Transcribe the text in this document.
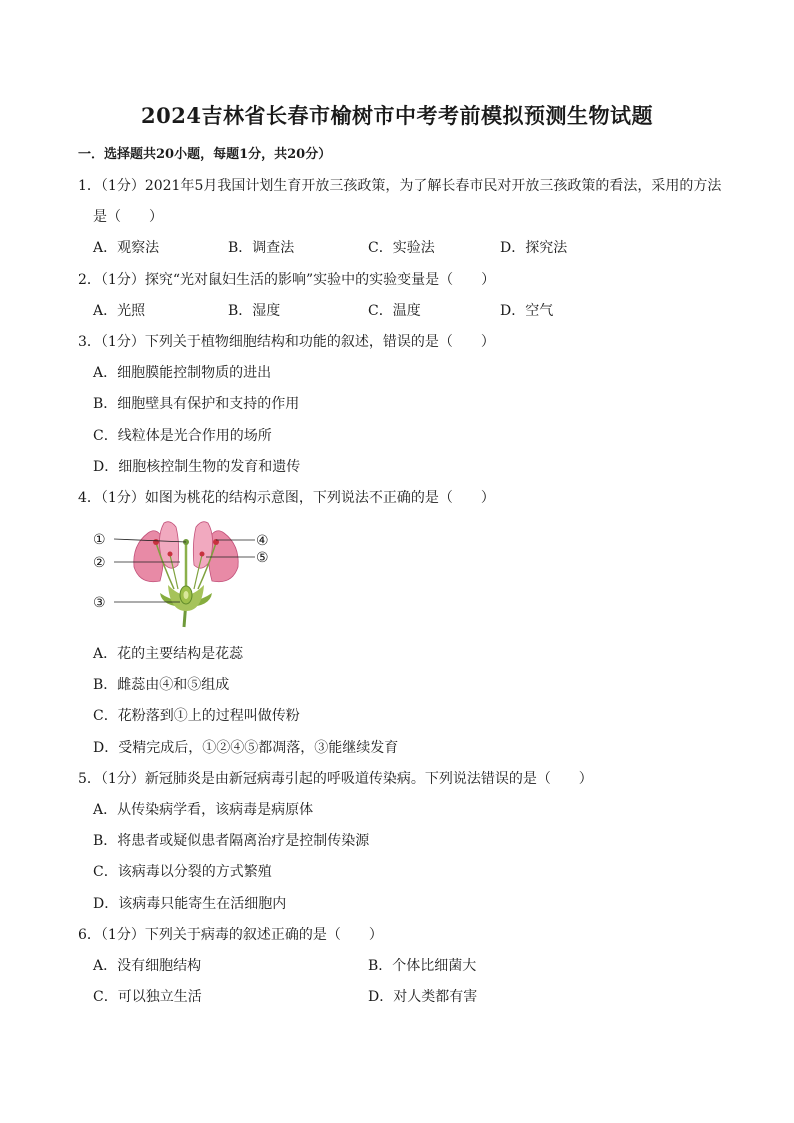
2024吉林省长春市榆树市中考考前模拟预测生物试题
一．选择题共20小题，每题1分，共20分）
1．（1分）2021年5月我国计划生育开放三孩政策，为了解长春市民对开放三孩政策的看法，采用的方法
是（　　）
A．观察法	B．调查法	C．实验法	D．探究法
2．（1分）探究“光对鼠妇生活的影响”实验中的实验变量是（　　）
A．光照	B．湿度	C．温度	D．空气
3．（1分）下列关于植物细胞结构和功能的叙述，错误的是（　　）
A．细胞膜能控制物质的进出
B．细胞壁具有保护和支持的作用
C．线粒体是光合作用的场所
D．细胞核控制生物的发育和遗传
4．（1分）如图为桃花的结构示意图，下列说法不正确的是（　　）
①
②
③
④
⑤
A．花的主要结构是花蕊
B．雌蕊由④和⑤组成
C．花粉落到①上的过程叫做传粉
D．受精完成后，①②④⑤都凋落，③能继续发育
5．（1分）新冠肺炎是由新冠病毒引起的呼吸道传染病。下列说法错误的是（　　）
A．从传染病学看，该病毒是病原体
B．将患者或疑似患者隔离治疗是控制传染源
C．该病毒以分裂的方式繁殖
D．该病毒只能寄生在活细胞内
6．（1分）下列关于病毒的叙述正确的是（　　）
A．没有细胞结构	B．个体比细菌大
C．可以独立生活	D．对人类都有害
